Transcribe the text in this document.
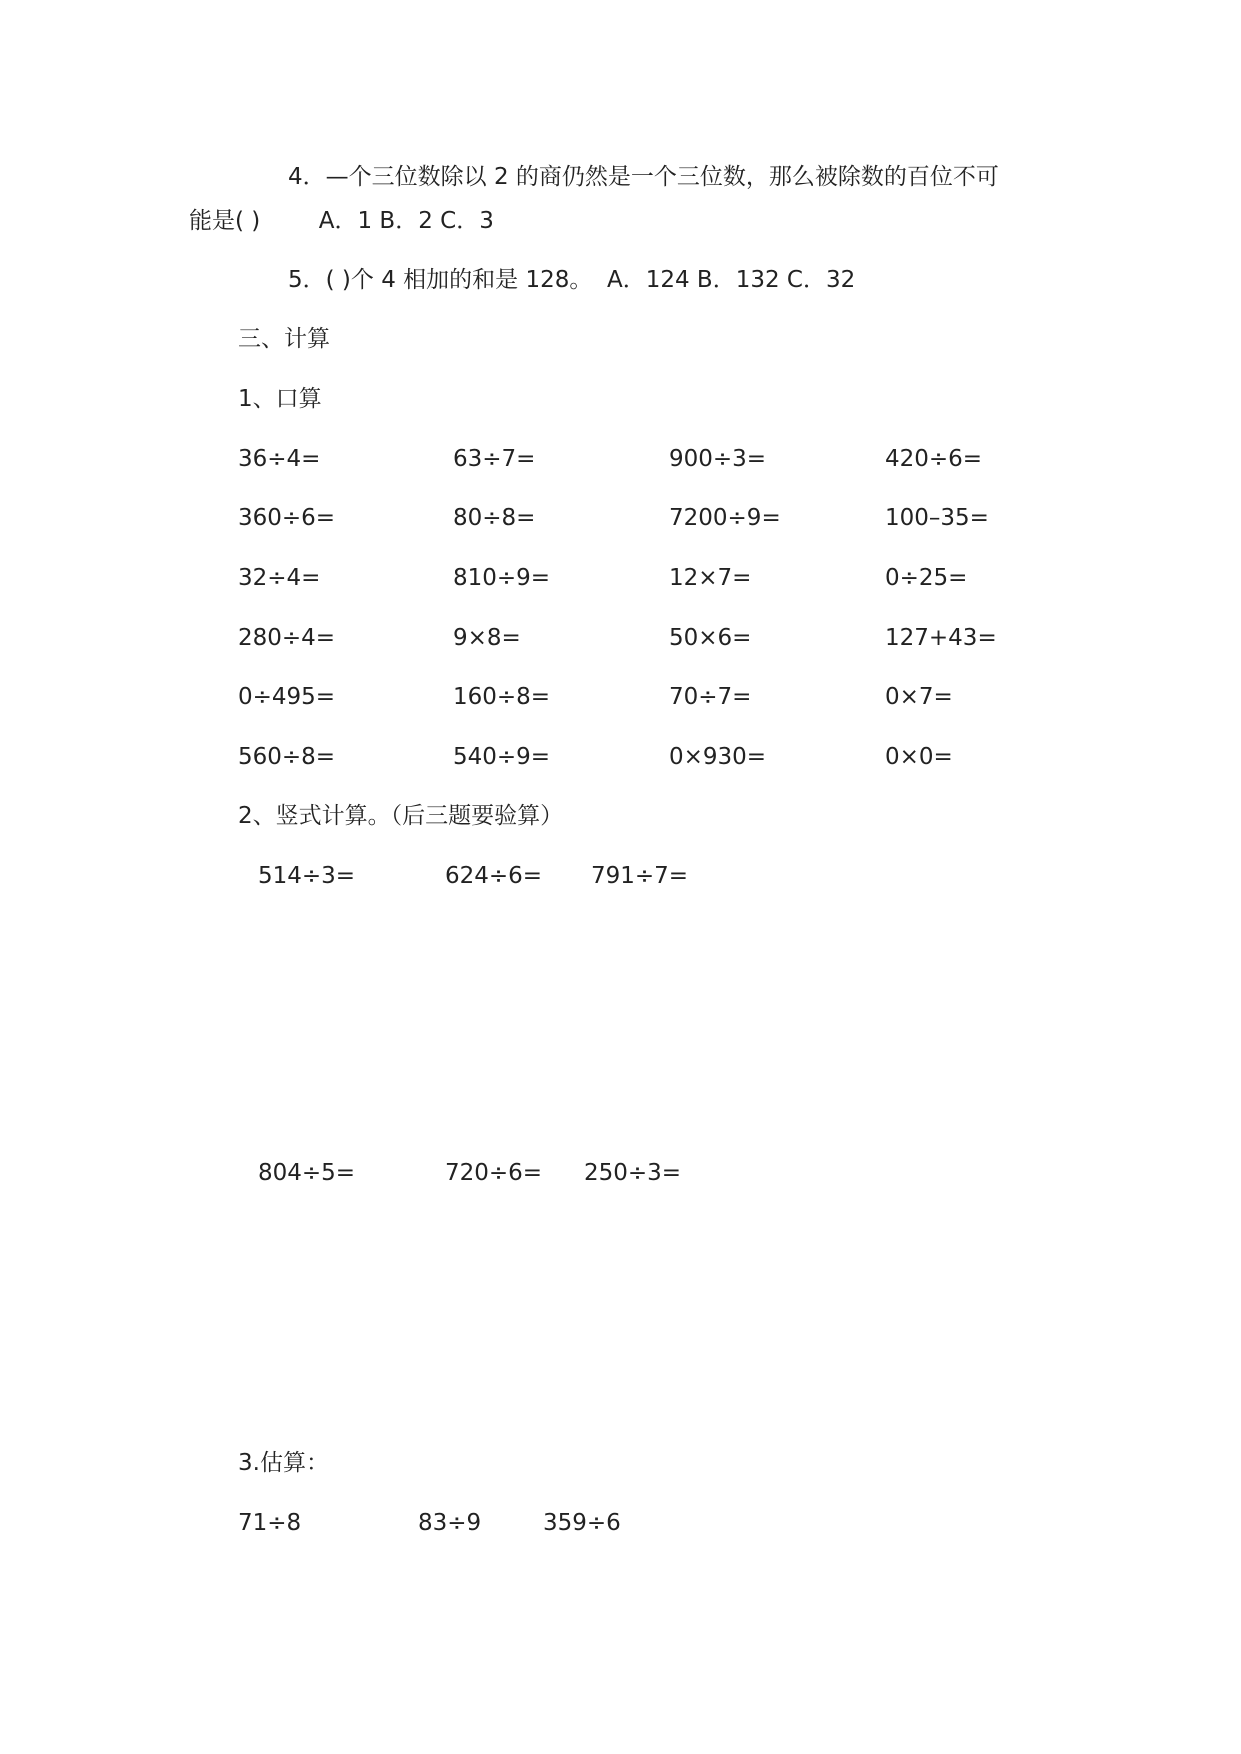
4．—个三位数除以 2 的商仍然是一个三位数，那么被除数的百位不可
能是( )        A．1 B．2 C．3
5．( )个 4 相加的和是 128。  A．124 B．132 C．32
三、计算
1、口算
36÷4=	63÷7=	900÷3=	420÷6=
360÷6=	80÷8=	7200÷9=	100–35=
32÷4=	810÷9=	12×7=	0÷25=
280÷4=	9×8=	50×6=	127+43=
0÷495=	160÷8=	70÷7=	0×7=
560÷8=	540÷9=	0×930=	0×0=
2、竖式计算。（后三题要验算）
514÷3=	624÷6= 791÷7=
804÷5=	720÷6= 250÷3=
3.估算：
71÷8	83÷9	359÷6
